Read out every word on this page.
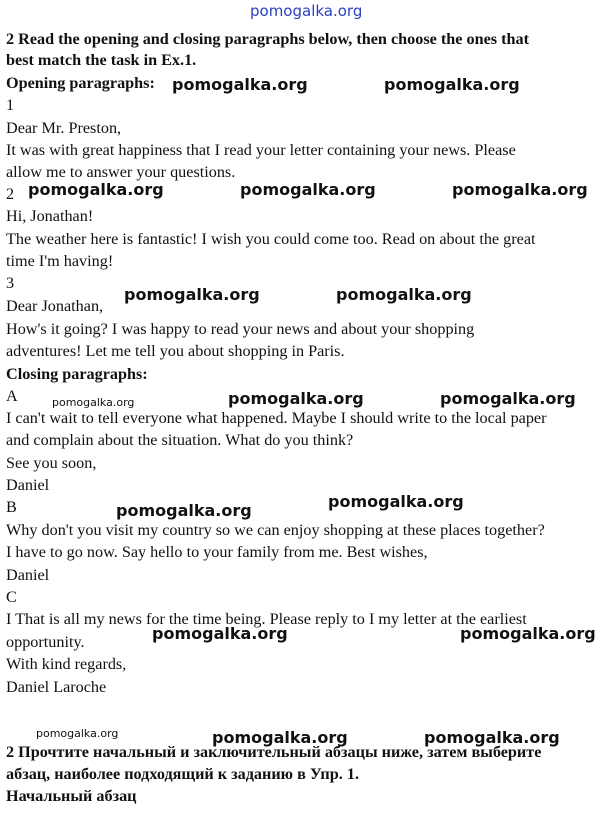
pomogalka.org
2 Read the opening and closing paragraphs below, then choose the ones that
best match the task in Ex.1.
Opening paragraphs: pomogalka.org	pomogalka.org
1
Dear Mr. Preston,
It was with great happiness that I read your letter containing your news. Please
allow me to answer your questions.
2 pomogalka.org	pomogalka.org	pomogalka.org
Hi, Jonathan!
The weather here is fantastic! I wish you could come too. Read on about the great
time I'm having!
3
pomogalka.org	pomogalka.org
Dear Jonathan,
How's it going? I was happy to read your news and about your shopping
adventures! Let me tell you about shopping in Paris.
Closing paragraphs:
A	pomogalka.org	pomogalka.org
I can't wait to tell everyone what happened. Maybe I should write to the local paper
and complain about the situation. What do you think?
See you soon,
Daniel
B	pomogalka.org
pomogalka.org
Why don't you visit my country so we can enjoy shopping at these places together?
I have to go now. Say hello to your family from me. Best wishes,
Daniel
C
I That is all my news for the time being. Please reply to I my letter at the earliest
pomogalka.org	pomogalka.org
opportunity.
With kind regards,
Daniel Laroche
pomogalka.org	pomogalka.org	pomogalka.org
2 Прочтите начальный и заключительный абзацы ниже, затем выберите
абзац, наиболее подходящий к заданию в Упр. 1.
Начальный абзац
pomogalka.org
